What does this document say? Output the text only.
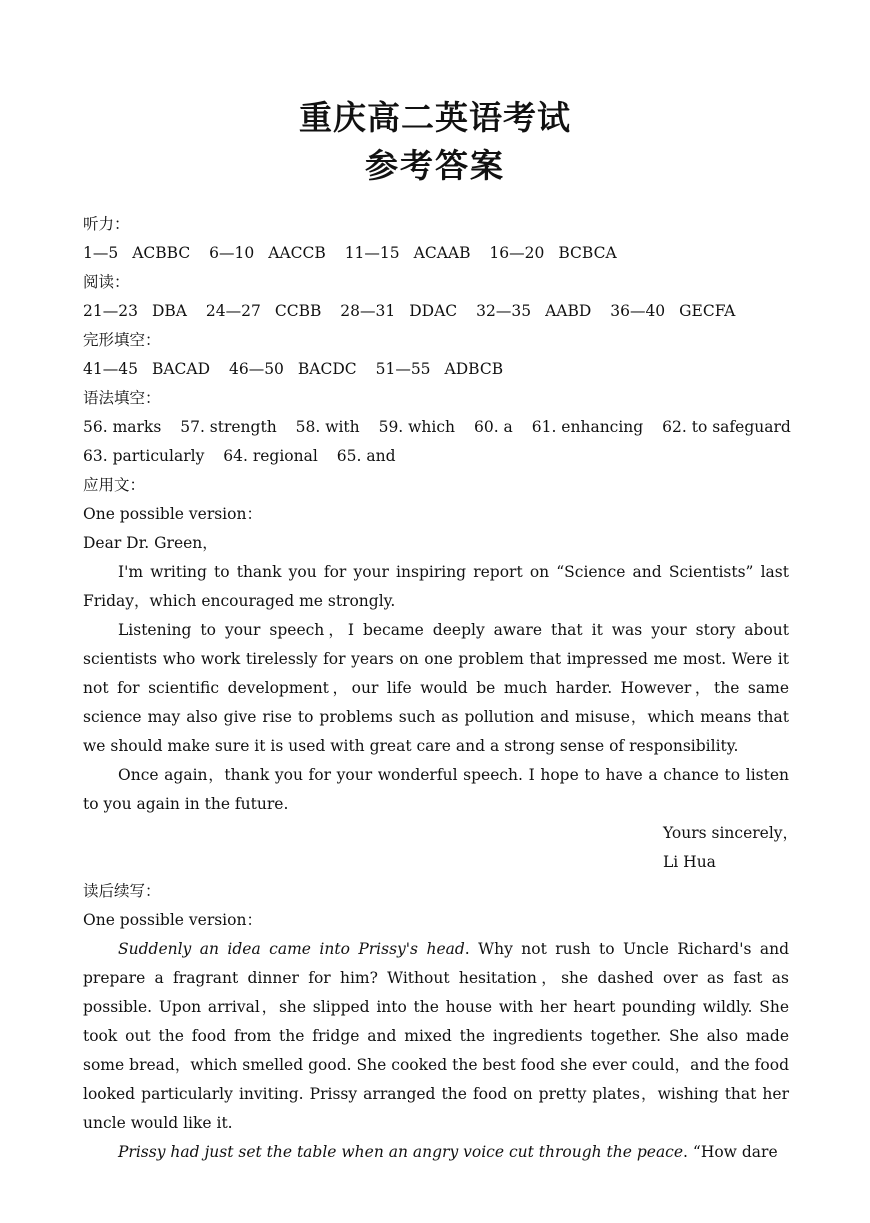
重庆高二英语考试
参考答案
听力：
1—5 ACBBC 6—10 AACCB 11—15 ACAAB 16—20 BCBCA
阅读：
21—23 DBA 24—27 CCBB 28—31 DDAC 32—35 AABD 36—40 GECFA
完形填空：
41—45 BACAD 46—50 BACDC 51—55 ADBCB
语法填空：
56. marks 57. strength 58. with 59. which 60. a 61. enhancing 62. to safeguard
63. particularly 64. regional 65. and
应用文：
One possible version：
Dear Dr. Green，
I'm writing to thank you for your inspiring report on “Science and Scientists” last Friday，which encouraged me strongly.
Listening to your speech，I became deeply aware that it was your story about scientists who work tirelessly for years on one problem that impressed me most. Were it not for scientific development，our life would be much harder. However，the same science may also give rise to problems such as pollution and misuse，which means that we should make sure it is used with great care and a strong sense of responsibility.
Once again，thank you for your wonderful speech. I hope to have a chance to listen to you again in the future.
Yours sincerely，
Li Hua
读后续写：
One possible version：
Suddenly an idea came into Prissy's head. Why not rush to Uncle Richard's and prepare a fragrant dinner for him? Without hesitation，she dashed over as fast as possible. Upon arrival，she slipped into the house with her heart pounding wildly. She took out the food from the fridge and mixed the ingredients together. She also made some bread，which smelled good. She cooked the best food she ever could，and the food looked particularly inviting. Prissy arranged the food on pretty plates，wishing that her uncle would like it.
Prissy had just set the table when an angry voice cut through the peace. “How dare
